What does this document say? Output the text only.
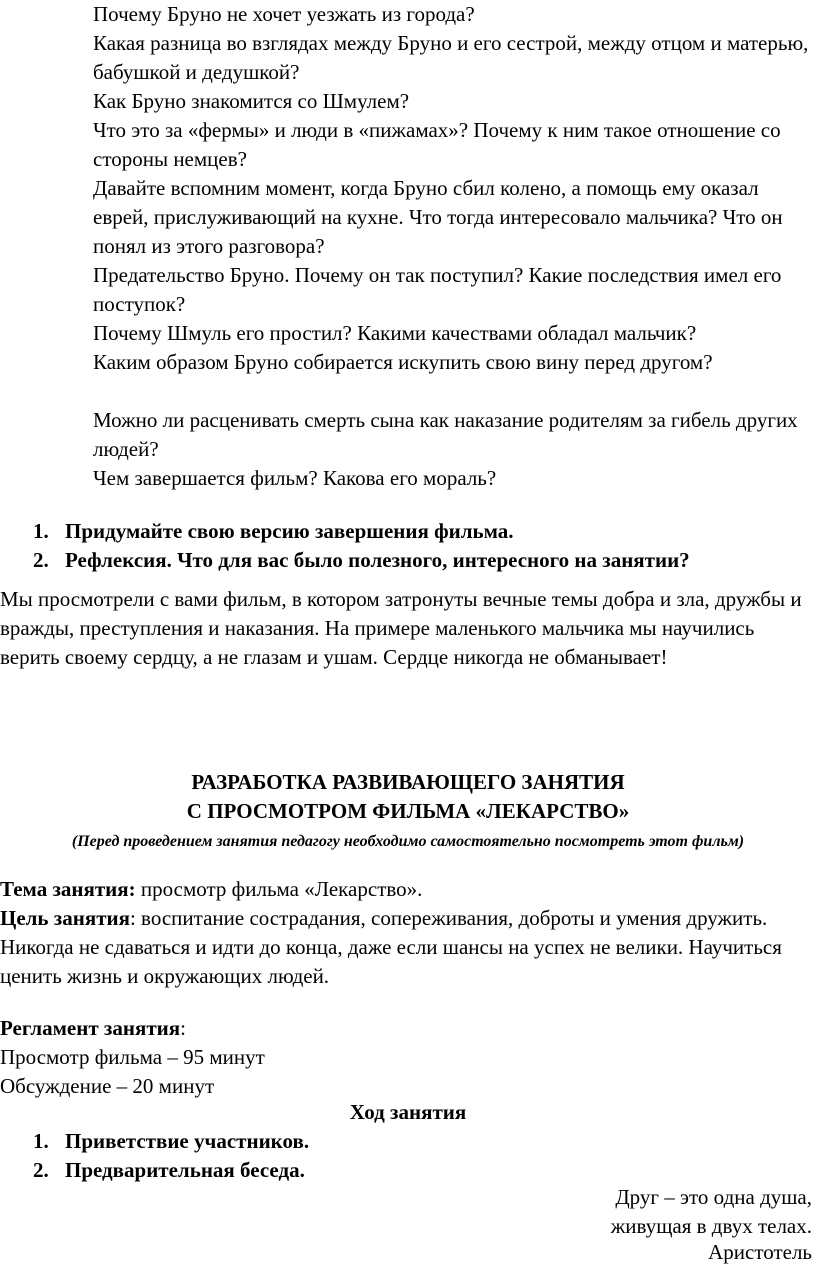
Почему Бруно не хочет уезжать из города?
Какая разница во взглядах между Бруно и его сестрой, между отцом и матерью, бабушкой и дедушкой?
Как Бруно знакомится со Шмулем?
Что это за «фермы» и люди в «пижамах»? Почему к ним такое отношение со стороны немцев?
Давайте вспомним момент, когда Бруно сбил колено, а помощь ему оказал еврей, прислуживающий на кухне. Что тогда интересовало мальчика? Что он понял из этого разговора?
Предательство Бруно. Почему он так поступил? Какие последствия имел его поступок?
Почему Шмуль его простил? Какими качествами обладал мальчик?
Каким образом Бруно собирается искупить свою вину перед другом?
Можно ли расценивать смерть сына как наказание родителям за гибель других людей?
Чем завершается фильм? Какова его мораль?
1. Придумайте свою версию завершения фильма.
2. Рефлексия. Что для вас было полезного, интересного на занятии?
Мы просмотрели с вами фильм, в котором затронуты вечные темы добра и зла, дружбы и вражды, преступления и наказания. На примере маленького мальчика мы научились верить своему сердцу, а не глазам и ушам. Сердце никогда не обманывает!
РАЗРАБОТКА РАЗВИВАЮЩЕГО ЗАНЯТИЯ
С ПРОСМОТРОМ ФИЛЬМА «ЛЕКАРСТВО»
(Перед проведением занятия педагогу необходимо самостоятельно посмотреть этот фильм)
Тема занятия: просмотр фильма «Лекарство».
Цель занятия: воспитание сострадания, сопереживания, доброты и умения дружить. Никогда не сдаваться и идти до конца, даже если шансы на успех не велики. Научиться ценить жизнь и окружающих людей.
Регламент занятия:
Просмотр фильма – 95 минут
Обсуждение – 20 минут
Ход занятия
1. Приветствие участников.
2. Предварительная беседа.
Друг – это одна душа,
живущая в двух телах.
Аристотель
